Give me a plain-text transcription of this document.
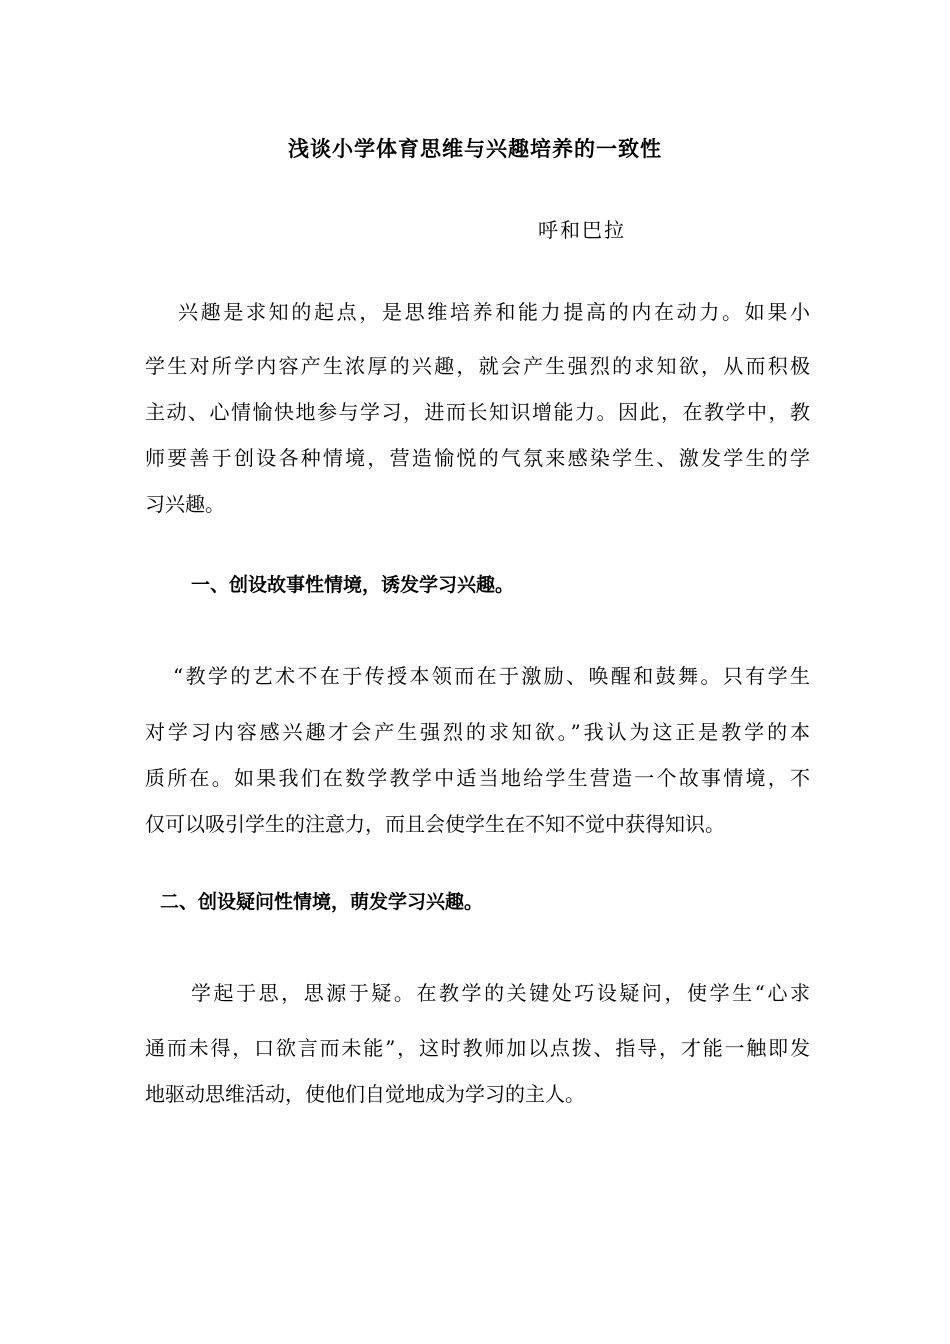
浅谈小学体育思维与兴趣培养的一致性
呼和巴拉
兴趣是求知的起点，是思维培养和能力提高的内在动力。如果小
学生对所学内容产生浓厚的兴趣，就会产生强烈的求知欲，从而积极
主动、心情愉快地参与学习，进而长知识增能力。因此，在教学中，教
师要善于创设各种情境，营造愉悦的气氛来感染学生、激发学生的学
习兴趣。
一、创设故事性情境，诱发学习兴趣。
“教学的艺术不在于传授本领而在于激励、唤醒和鼓舞。只有学生
对学习内容感兴趣才会产生强烈的求知欲。”我认为这正是教学的本
质所在。如果我们在数学教学中适当地给学生营造一个故事情境，不
仅可以吸引学生的注意力，而且会使学生在不知不觉中获得知识。
二、创设疑问性情境，萌发学习兴趣。
学起于思，思源于疑。在教学的关键处巧设疑问，使学生“心求
通而未得，口欲言而未能”，这时教师加以点拨、指导，才能一触即发
地驱动思维活动，使他们自觉地成为学习的主人。
